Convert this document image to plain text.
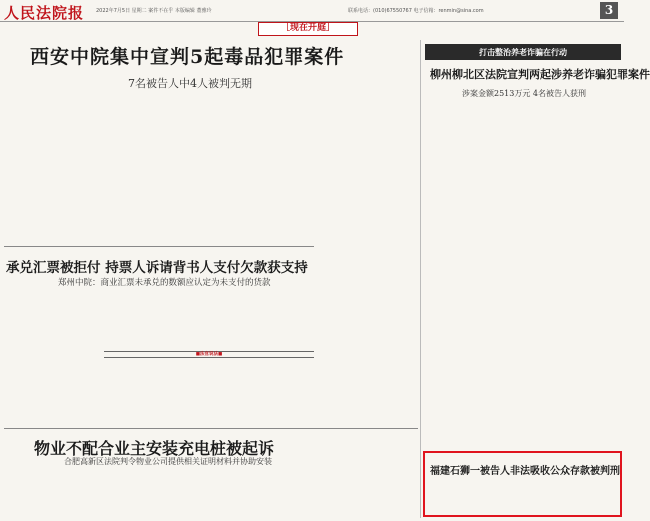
人民法院报 2022年7月5日 星期二 案件不在乎 本版编辑 董雅玲	联系电话：(010)67550767 电子信箱：renmin@sina.com	3
［现在开庭］
西安中院集中宣判5起毒品犯罪案件
7名被告人中4人被判无期

承兑汇票被拒付 持票人诉请背书人支付欠款获支持
郑州中院：商业汇票未承兑的数额应认定为未支付的货款

■法官说法■

物业不配合业主安装充电桩被起诉
合肥高新区法院判令物业公司提供相关证明材料并协助安装

打击整治养老诈骗在行动
柳州柳北区法院宣判两起涉养老诈骗犯罪案件
涉案金额2513万元 4名被告人获刑

福建石狮一被告人非法吸收公众存款被判刑
